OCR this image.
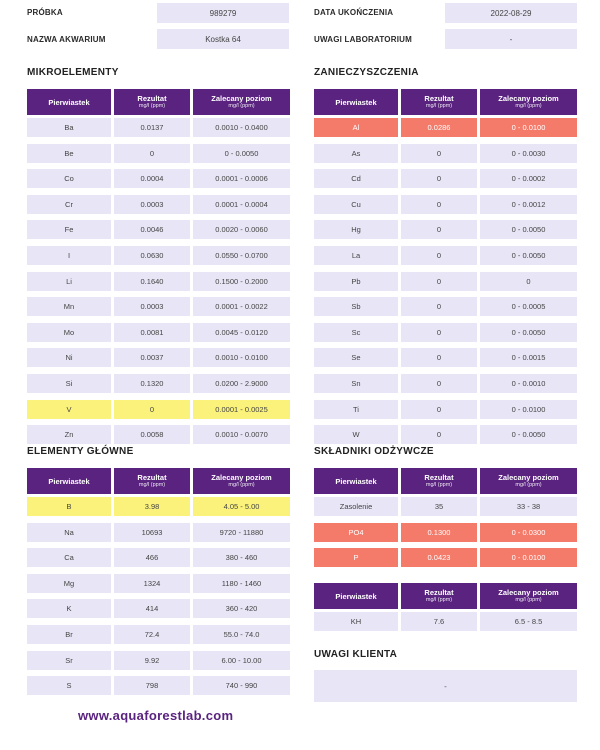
PRÓBKA	989279
NAZWA AKWARIUM	Kostka 64
DATA UKOŃCZENIA	2022-08-29
UWAGI LABORATORIUM	-
MIKROELEMENTY	ZANIECZYSZCZENIA
ELEMENTY GŁÓWNE	SKŁADNIKI ODŻYWCZE
UWAGI KLIENTA
Pierwiastek	Rezultat
mg/l (ppm)
Zalecany poziom
mg/l (ppm)
Ba	0.0137	0.0010 - 0.0400
Be	0	0 - 0.0050
Co	0.0004	0.0001 - 0.0006
Cr	0.0003	0.0001 - 0.0004
Fe	0.0046	0.0020 - 0.0060
I	0.0630	0.0550 - 0.0700
Li	0.1640	0.1500 - 0.2000
Mn	0.0003	0.0001 - 0.0022
Mo	0.0081	0.0045 - 0.0120
Ni	0.0037	0.0010 - 0.0100
Si	0.1320	0.0200 - 2.9000
V	0	0.0001 - 0.0025
Zn	0.0058	0.0010 - 0.0070
Pierwiastek	Rezultat
mg/l (ppm)
Zalecany poziom
mg/l (ppm)
Al	0.0286	0 - 0.0100
As	0	0 - 0.0030
Cd	0	0 - 0.0002
Cu	0	0 - 0.0012
Hg	0	0 - 0.0050
La	0	0 - 0.0050
Pb	0	0
Sb	0	0 - 0.0005
Sc	0	0 - 0.0050
Se	0	0 - 0.0015
Sn	0	0 - 0.0010
Ti	0	0 - 0.0100
W	0	0 - 0.0050
Pierwiastek	Rezultat
mg/l (ppm)
Zalecany poziom
mg/l (ppm)
B	3.98	4.05 - 5.00
Na	10693	9720 - 11880
Ca	466	380 - 460
Mg	1324	1180 - 1460
K	414	360 - 420
Br	72.4	55.0 - 74.0
Sr	9.92	6.00 - 10.00
S	798	740 - 990
Pierwiastek	Rezultat
mg/l (ppm)
Zalecany poziom
mg/l (ppm)
Zasolenie	35	33 - 38
PO4	0.1300	0 - 0.0300
P	0.0423	0 - 0.0100
Pierwiastek	Rezultat
mg/l (ppm)
Zalecany poziom
mg/l (ppm)
KH	7.6	6.5 - 8.5
-
www.aquaforestlab.com
